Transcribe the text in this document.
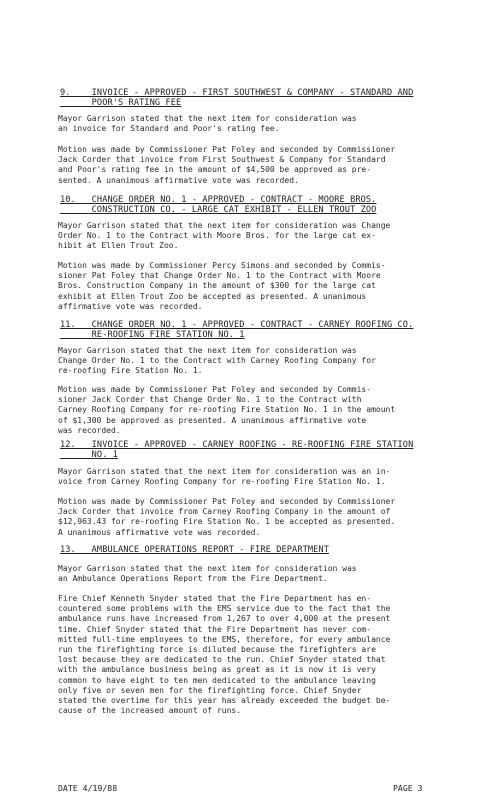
9.    INVOICE - APPROVED - FIRST SOUTHWEST & COMPANY - STANDARD AND
POOR'S RATING FEE
Mayor Garrison stated that the next item for consideration was
an invoice for Standard and Poor's rating fee.
Motion was made by Commissioner Pat Foley and seconded by Commissioner
Jack Corder that invoice from First Southwest & Company for Standard
and Poor's rating fee in the amount of $4,500 be approved as pre-
sented. A unanimous affirmative vote was recorded.
10.   CHANGE ORDER NO. 1 - APPROVED - CONTRACT - MOORE BROS.
CONSTRUCTION CO. - LARGE CAT EXHIBIT - ELLEN TROUT ZOO
Mayor Garrison stated that the next item for consideration was Change
Order No. 1 to the Contract with Moore Bros. for the large cat ex-
hibit at Ellen Trout Zoo.
Motion was made by Commissioner Percy Simons and seconded by Commis-
sioner Pat Foley that Change Order No. 1 to the Contract with Moore
Bros. Construction Company in the amount of $300 for the large cat
exhibit at Ellen Trout Zoo be accepted as presented. A unanimous
affirmative vote was recorded.
11.   CHANGE ORDER NO. 1 - APPROVED - CONTRACT - CARNEY ROOFING CO.
RE-ROOFING FIRE STATION NO. 1
Mayor Garrison stated that the next item for consideration was
Change Order No. 1 to the Contract with Carney Roofing Company for
re-roofing Fire Station No. 1.
Motion was made by Commissioner Pat Foley and seconded by Commis-
sioner Jack Corder that Change Order No. 1 to the Contract with
Carney Roofing Company for re-roofing Fire Station No. 1 in the amount
of $1,300 be approved as presented. A unanimous affirmative vote
was recorded.
12.   INVOICE - APPROVED - CARNEY ROOFING - RE-ROOFING FIRE STATION
NO. 1
Mayor Garrison stated that the next item for consideration was an in-
voice from Carney Roofing Company for re-roofing Fire Station No. 1.
Motion was made by Commissioner Pat Foley and seconded by Commissioner
Jack Corder that invoice from Carney Roofing Company in the amount of
$12,963.43 for re-roofing Fire Station No. 1 be accepted as presented.
A unanimous affirmative vote was recorded.
13.   AMBULANCE OPERATIONS REPORT - FIRE DEPARTMENT
Mayor Garrison stated that the next item for consideration was
an Ambulance Operations Report from the Fire Department.
Fire Chief Kenneth Snyder stated that the Fire Department has en-
countered some problems with the EMS service due to the fact that the
ambulance runs have increased from 1,267 to over 4,000 at the present
time. Chief Snyder stated that the Fire Department has never com-
mitted full-time employees to the EMS, therefore, for every ambulance
run the firefighting force is diluted because the firefighters are
lost because they are dedicated to the run. Chief Snyder stated that
with the ambulance business being as great as it is now it is very
common to have eight to ten men dedicated to the ambulance leaving
only five or seven men for the firefighting force. Chief Snyder
stated the overtime for this year has already exceeded the budget be-
cause of the increased amount of runs.
DATE 4/19/88	PAGE 3
